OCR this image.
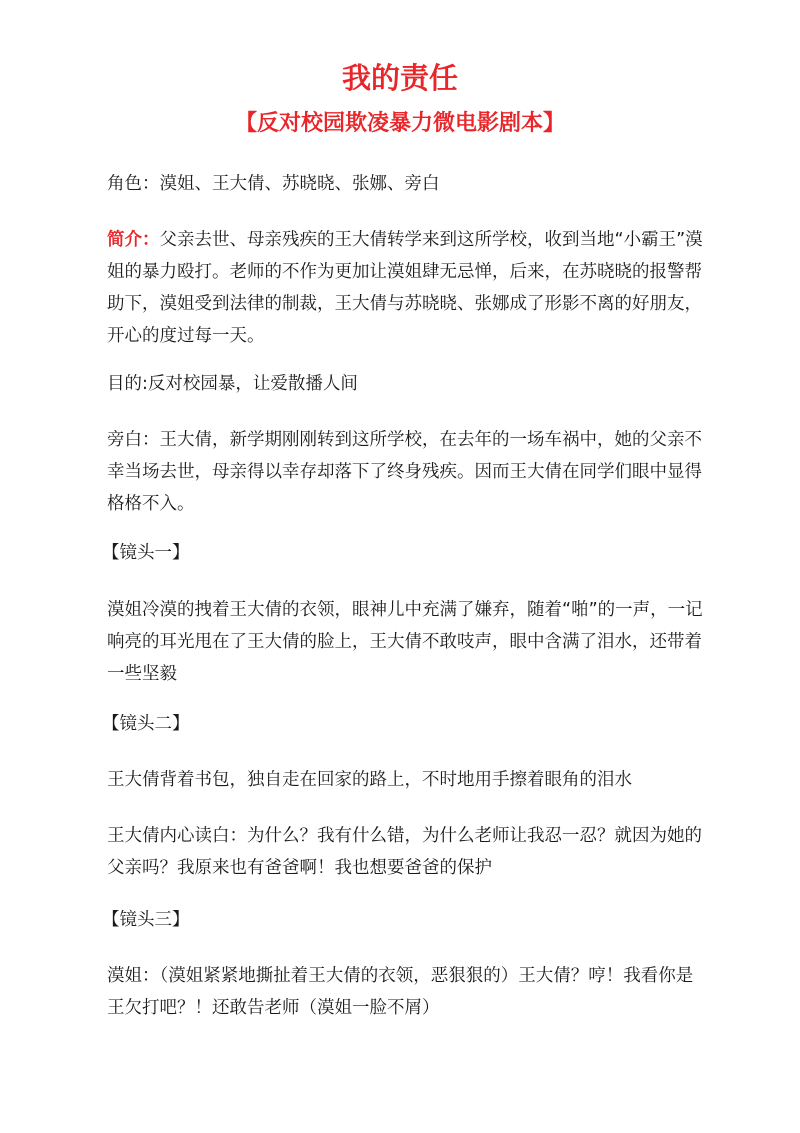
我的责任
【反对校园欺凌暴力微电影剧本】

角色：漠姐、王大倩、苏晓晓、张娜、旁白

简介：父亲去世、母亲残疾的王大倩转学来到这所学校，收到当地“小霸王”漠
姐的暴力殴打。老师的不作为更加让漠姐肆无忌惮，后来，在苏晓晓的报警帮
助下，漠姐受到法律的制裁，王大倩与苏晓晓、张娜成了形影不离的好朋友，
开心的度过每一天。

目的:反对校园暴，让爱散播人间

旁白：王大倩，新学期刚刚转到这所学校，在去年的一场车祸中，她的父亲不
幸当场去世，母亲得以幸存却落下了终身残疾。因而王大倩在同学们眼中显得
格格不入。

【镜头一】

漠姐冷漠的拽着王大倩的衣领，眼神儿中充满了嫌弃，随着“啪”的一声，一记
响亮的耳光甩在了王大倩的脸上，王大倩不敢吱声，眼中含满了泪水，还带着
一些坚毅

【镜头二】

王大倩背着书包，独自走在回家的路上，不时地用手擦着眼角的泪水

王大倩内心读白：为什么？我有什么错，为什么老师让我忍一忍？就因为她的
父亲吗？我原来也有爸爸啊！我也想要爸爸的保护

【镜头三】

漠姐：（漠姐紧紧地撕扯着王大倩的衣领，恶狠狠的）王大倩？哼！我看你是
王欠打吧？！还敢告老师（漠姐一脸不屑）
